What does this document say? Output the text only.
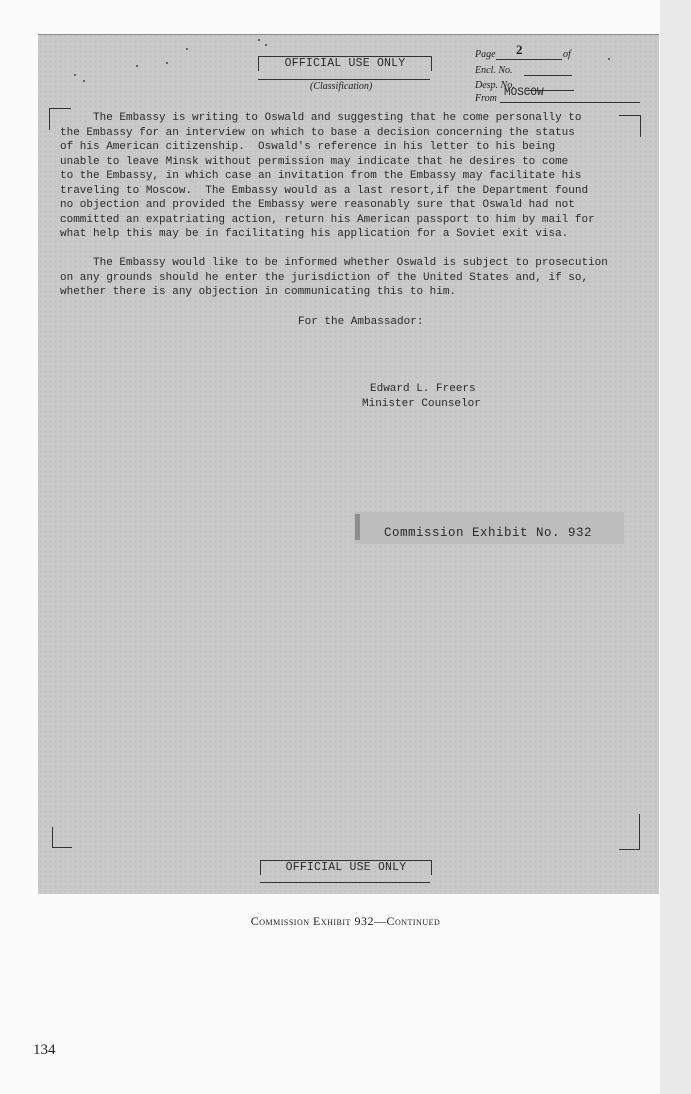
OFFICIAL USE ONLY
(Classification)
Page 2	of
Encl. No.
Desp. No.
From MOSCOW

The Embassy is writing to Oswald and suggesting that he come personally to
the Embassy for an interview on which to base a decision concerning the status
of his American citizenship.  Oswald's reference in his letter to his being
unable to leave Minsk without permission may indicate that he desires to come
to the Embassy, in which case an invitation from the Embassy may facilitate his
traveling to Moscow.  The Embassy would as a last resort,if the Department found
no objection and provided the Embassy were reasonably sure that Oswald had not
committed an expatriating action, return his American passport to him by mail for
what help this may be in facilitating his application for a Soviet exit visa.

The Embassy would like to be informed whether Oswald is subject to prosecution
on any grounds should he enter the jurisdiction of the United States and, if so,
whether there is any objection in communicating this to him.

For the Ambassador:
Edward L. Freers
Minister Counselor
Commission Exhibit No. 932
OFFICIAL USE ONLY
Commission Exhibit 932—Continued
134
